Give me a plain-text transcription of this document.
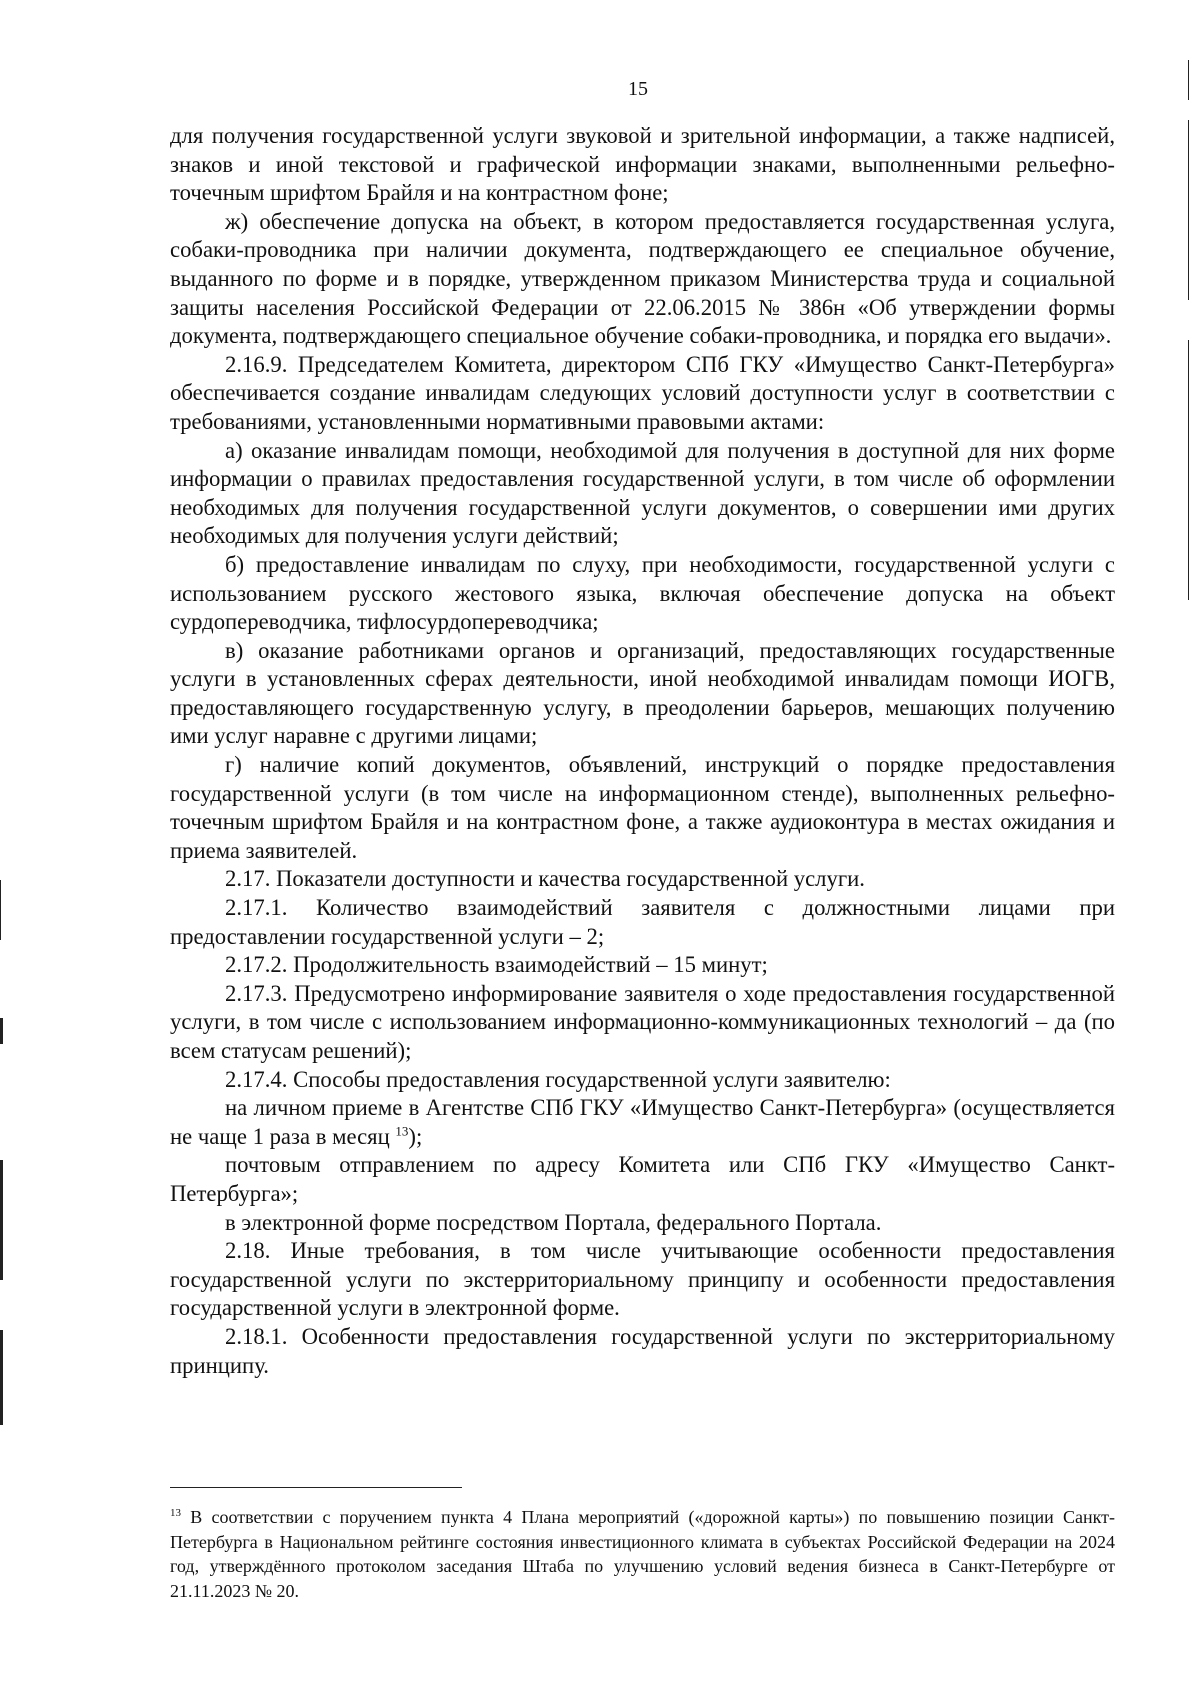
15

для получения государственной услуги звуковой и зрительной информации, а также надписей, знаков и иной текстовой и графической информации знаками, выполненными рельефно-точечным шрифтом Брайля и на контрастном фоне;

ж) обеспечение допуска на объект, в котором предоставляется государственная услуга, собаки-проводника при наличии документа, подтверждающего ее специальное обучение, выданного по форме и в порядке, утвержденном приказом Министерства труда и социальной защиты населения Российской Федерации от 22.06.2015 № 386н «Об утверждении формы документа, подтверждающего специальное обучение собаки-проводника, и порядка его выдачи».

2.16.9. Председателем Комитета, директором СПб ГКУ «Имущество Санкт-Петербурга» обеспечивается создание инвалидам следующих условий доступности услуг в соответствии с требованиями, установленными нормативными правовыми актами:

а) оказание инвалидам помощи, необходимой для получения в доступной для них форме информации о правилах предоставления государственной услуги, в том числе об оформлении необходимых для получения государственной услуги документов, о совершении ими других необходимых для получения услуги действий;

б) предоставление инвалидам по слуху, при необходимости, государственной услуги с использованием русского жестового языка, включая обеспечение допуска на объект сурдопереводчика, тифлосурдопереводчика;

в) оказание работниками органов и организаций, предоставляющих государственные услуги в установленных сферах деятельности, иной необходимой инвалидам помощи ИОГВ, предоставляющего государственную услугу, в преодолении барьеров, мешающих получению ими услуг наравне с другими лицами;

г) наличие копий документов, объявлений, инструкций о порядке предоставления государственной услуги (в том числе на информационном стенде), выполненных рельефно-точечным шрифтом Брайля и на контрастном фоне, а также аудиоконтура в местах ожидания и приема заявителей.

2.17. Показатели доступности и качества государственной услуги.

2.17.1. Количество взаимодействий заявителя с должностными лицами при предоставлении государственной услуги – 2;

2.17.2. Продолжительность взаимодействий – 15 минут;

2.17.3. Предусмотрено информирование заявителя о ходе предоставления государственной услуги, в том числе с использованием информационно-коммуникационных технологий – да (по всем статусам решений);

2.17.4. Способы предоставления государственной услуги заявителю:

на личном приеме в Агентстве СПб ГКУ «Имущество Санкт-Петербурга» (осуществляется не чаще 1 раза в месяц $^{13}$);

почтовым отправлением по адресу Комитета или СПб ГКУ «Имущество Санкт-Петербурга»;

в электронной форме посредством Портала, федерального Портала.

2.18. Иные требования, в том числе учитывающие особенности предоставления государственной услуги по экстерриториальному принципу и особенности предоставления государственной услуги в электронной форме.

2.18.1. Особенности предоставления государственной услуги по экстерриториальному принципу.

$^{13}$ В соответствии с поручением пункта 4 Плана мероприятий («дорожной карты») по повышению позиции Санкт-Петербурга в Национальном рейтинге состояния инвестиционного климата в субъектах Российской Федерации на 2024 год, утверждённого протоколом заседания Штаба по улучшению условий ведения бизнеса в Санкт-Петербурге от 21.11.2023 № 20.
